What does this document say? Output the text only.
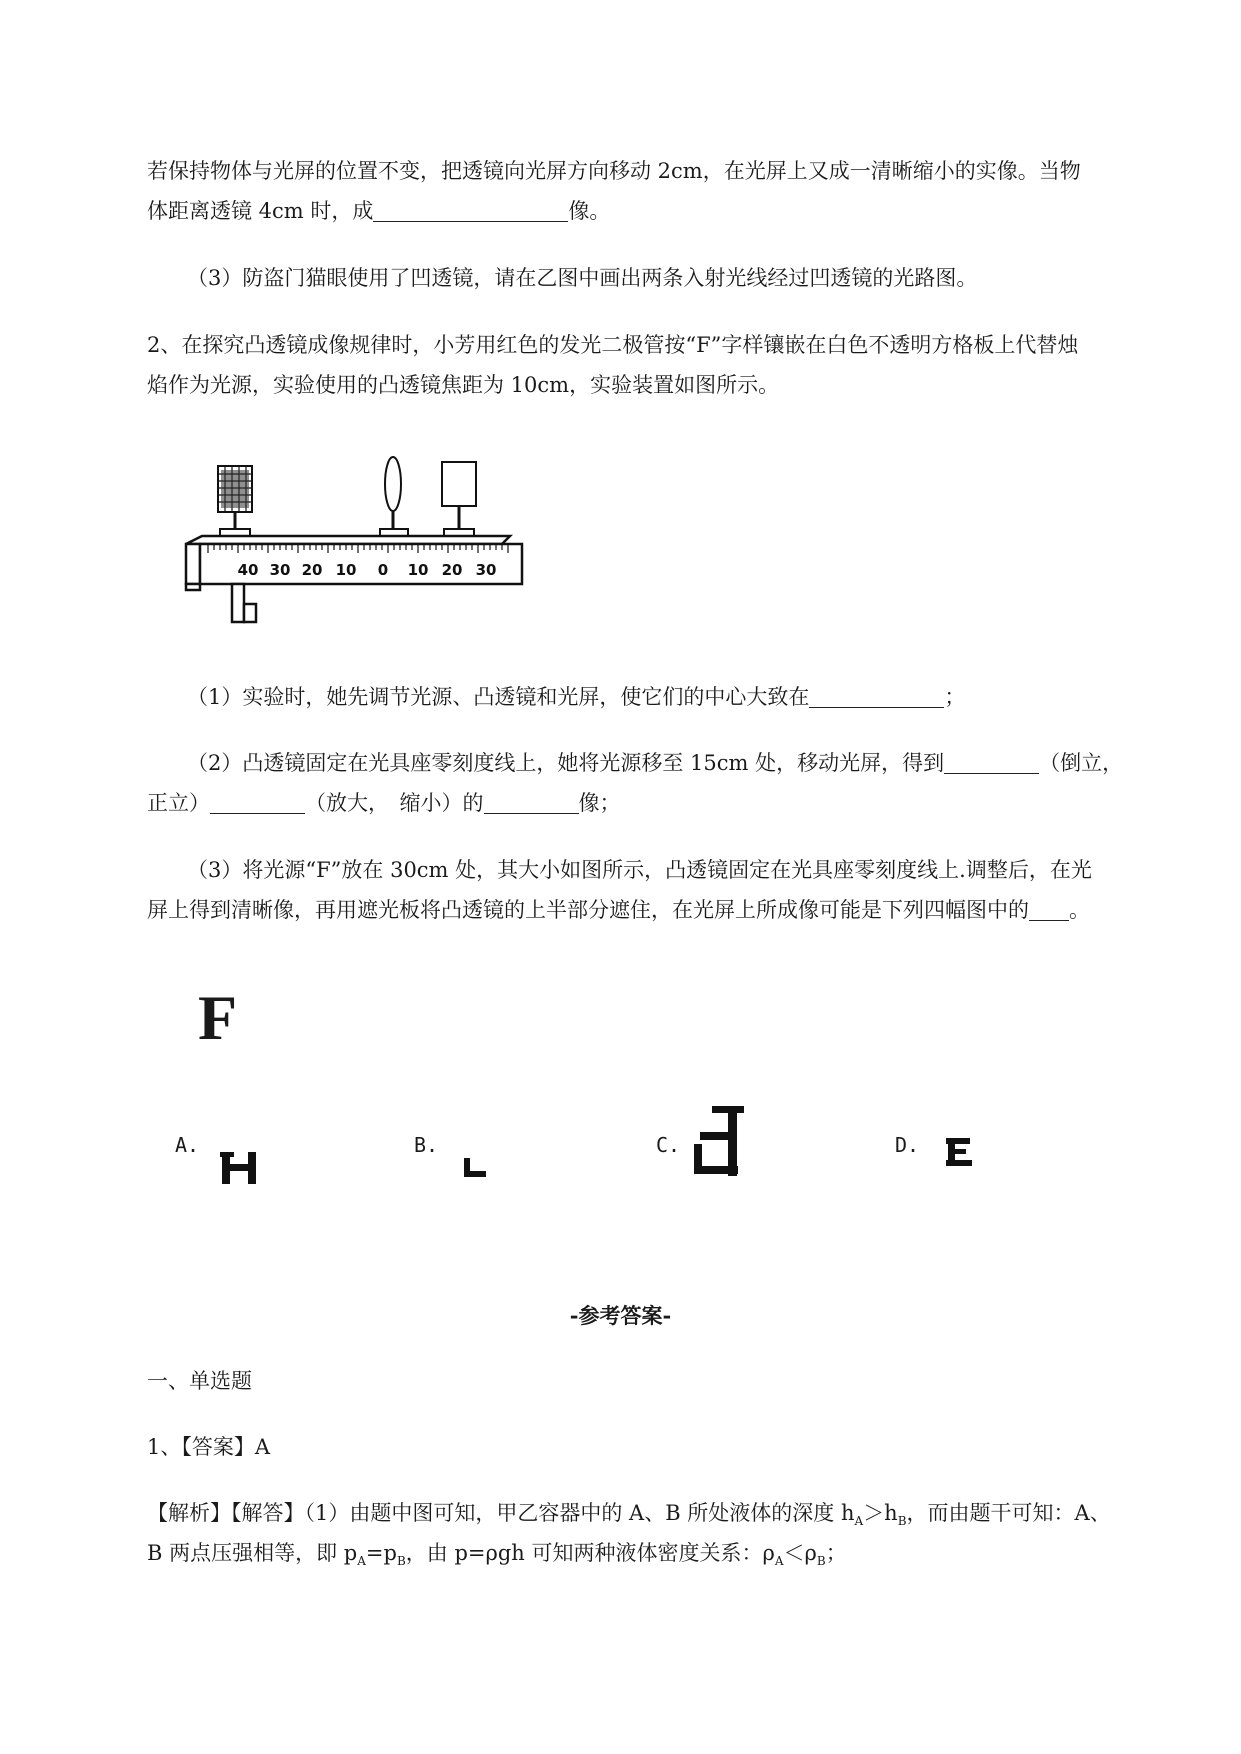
若保持物体与光屏的位置不变，把透镜向光屏方向移动 2cm，在光屏上又成一清晰缩小的实像。当物

体距离透镜 4cm 时，成	像。

（3）防盗门猫眼使用了凹透镜，请在乙图中画出两条入射光线经过凹透镜的光路图。

2、在探究凸透镜成像规律时，小芳用红色的发光二极管按“F”字样镶嵌在白色不透明方格板上代替烛

焰作为光源，实验使用的凸透镜焦距为 10cm，实验装置如图所示。

40 30 20 10 0 10 20 30

（1）实验时，她先调节光源、凸透镜和光屏，使它们的中心大致在	；

（2）凸透镜固定在光具座零刻度线上，她将光源移至 15cm 处，移动光屏，得到	（倒立，

正立）	（放大，　缩小）的	像；

（3）将光源“F”放在 30cm 处，其大小如图所示，凸透镜固定在光具座零刻度线上.调整后，在光

屏上得到清晰像，再用遮光板将凸透镜的上半部分遮住，在光屏上所成像可能是下列四幅图中的 。

F
A.	B.	C.	D.
-参考答案-

一、单选题

1、【答案】A

【解析】【解答】（1）由题中图可知，甲乙容器中的 A、B 所处液体的深度 $h_A>h_B$，而由题干可知：A、

B 两点压强相等，即 $p_A=p_B$，由 p=ρgh 可知两种液体密度关系：$\rho_A<\rho_B$；
